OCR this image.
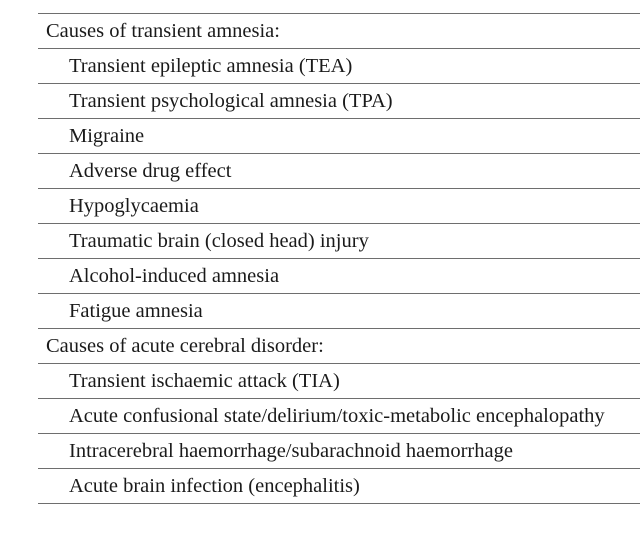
Causes of transient amnesia:
Transient epileptic amnesia (TEA)
Transient psychological amnesia (TPA)
Migraine
Adverse drug effect
Hypoglycaemia
Traumatic brain (closed head) injury
Alcohol-induced amnesia
Fatigue amnesia
Causes of acute cerebral disorder:
Transient ischaemic attack (TIA)
Acute confusional state/delirium/toxic-metabolic encephalopathy
Intracerebral haemorrhage/subarachnoid haemorrhage
Acute brain infection (encephalitis)
